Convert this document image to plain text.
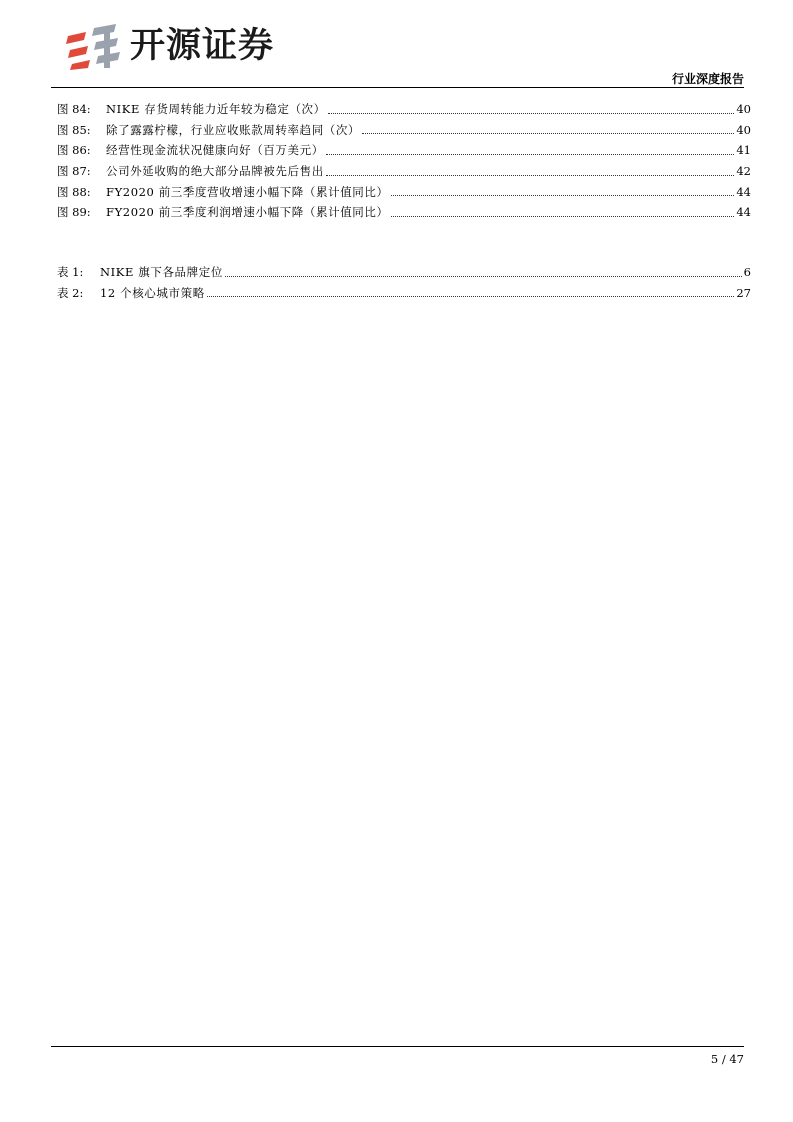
开源证券
行业深度报告
图 84:	NIKE 存货周转能力近年较为稳定（次）	40
图 85:	除了露露柠檬，行业应收账款周转率趋同（次）	40
图 86:	经营性现金流状况健康向好（百万美元）	41
图 87:	公司外延收购的绝大部分品牌被先后售出	42
图 88:	FY2020 前三季度营收增速小幅下降（累计值同比）	44
图 89:	FY2020 前三季度利润增速小幅下降（累计值同比）	44
表 1:	NIKE 旗下各品牌定位	6
表 2:	12 个核心城市策略	27
5 / 47
